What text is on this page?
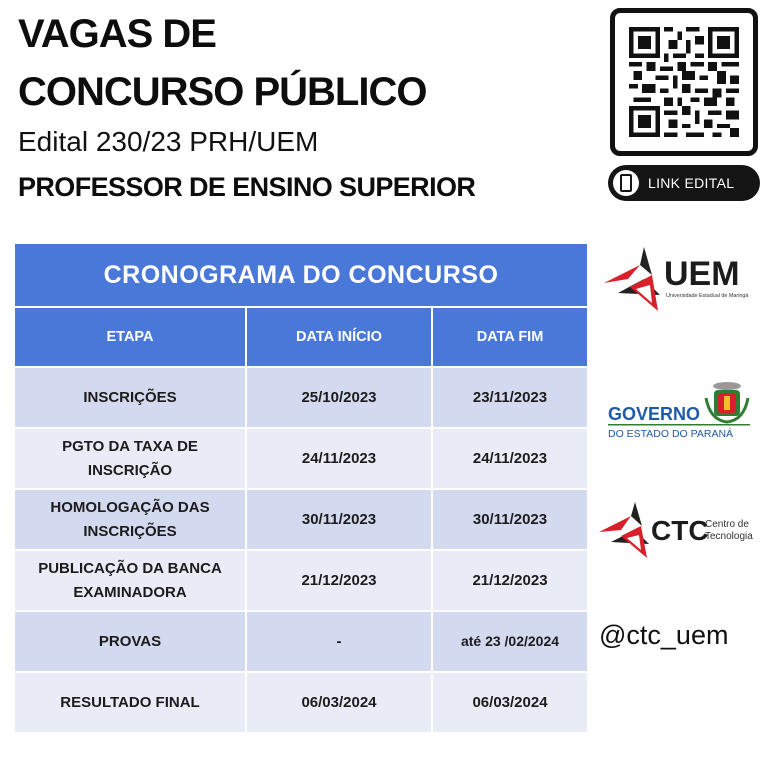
VAGAS DE
CONCURSO PÚBLICO

Edital 230/23 PRH/UEM

PROFESSOR DE ENSINO SUPERIOR	LINK EDITAL
CRONOGRAMA DO CONCURSO		
ETAPA	DATA INÍCIO	DATA FIM
INSCRIÇÕES	25/10/2023	23/11/2023
PGTO DA TAXA DE
INSCRIÇÃO	24/11/2023	24/11/2023
HOMOLOGAÇÃO DAS
INSCRIÇÕES	30/11/2023	30/11/2023
PUBLICAÇÃO DA BANCA
EXAMINADORA	21/12/2023	21/12/2023
PROVAS	-	até 23 /02/2024
RESULTADO FINAL	06/03/2024	06/03/2024
UEM
Universidade Estadual de Maringá
GOVERNO
DO ESTADO DO PARANÁ
CTC
Centro de
Tecnologia

@ctc_uem
